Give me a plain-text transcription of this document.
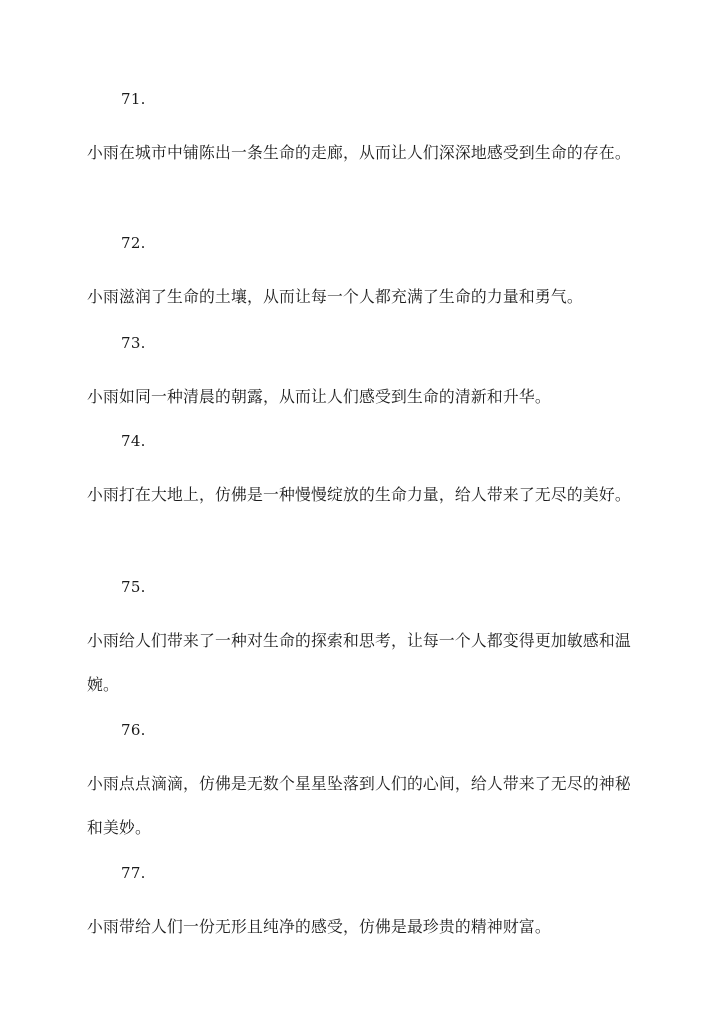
71.
小雨在城市中铺陈出一条生命的走廊，从而让人们深深地感受到生命的存在。
72.
小雨滋润了生命的土壤，从而让每一个人都充满了生命的力量和勇气。
73.
小雨如同一种清晨的朝露，从而让人们感受到生命的清新和升华。
74.
小雨打在大地上，仿佛是一种慢慢绽放的生命力量，给人带来了无尽的美好。
75.
小雨给人们带来了一种对生命的探索和思考，让每一个人都变得更加敏感和温婉。
76.
小雨点点滴滴，仿佛是无数个星星坠落到人们的心间，给人带来了无尽的神秘和美妙。
77.
小雨带给人们一份无形且纯净的感受，仿佛是最珍贵的精神财富。
